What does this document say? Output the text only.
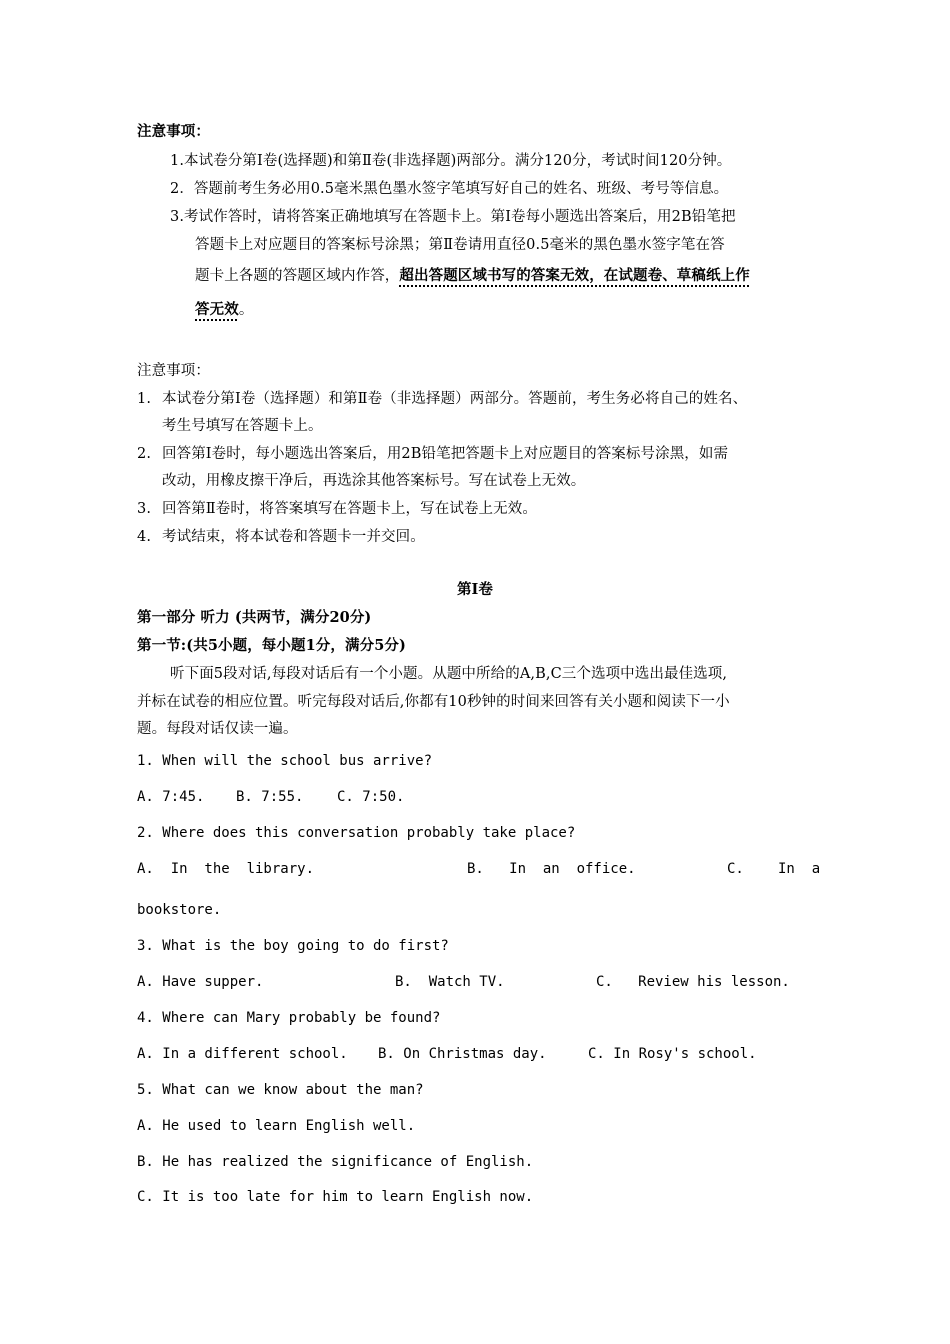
注意事项：
1.本试卷分第Ⅰ卷(选择题)和第Ⅱ卷(非选择题)两部分。满分120分，考试时间120分钟。
2．答题前考生务必用0.5毫米黑色墨水签字笔填写好自己的姓名、班级、考号等信息。
3.考试作答时，请将答案正确地填写在答题卡上。第Ⅰ卷每小题选出答案后，用2B铅笔把
答题卡上对应题目的答案标号涂黑；第Ⅱ卷请用直径0.5毫米的黑色墨水签字笔在答
题卡上各题的答题区域内作答，超出答题区域书写的答案无效，在试题卷、草稿纸上作
答无效。
注意事项：
1. 本试卷分第Ⅰ卷（选择题）和第Ⅱ卷（非选择题）两部分。答题前，考生务必将自己的姓名、
考生号填写在答题卡上。
2. 回答第Ⅰ卷时，每小题选出答案后，用2B铅笔把答题卡上对应题目的答案标号涂黑，如需
改动，用橡皮擦干净后，再选涂其他答案标号。写在试卷上无效。
3. 回答第Ⅱ卷时，将答案填写在答题卡上，写在试卷上无效。
4. 考试结束，将本试卷和答题卡一并交回。
第Ⅰ卷
第一部分 听力 (共两节，满分20分)
第一节:(共5小题，每小题1分，满分5分)
听下面5段对话,每段对话后有一个小题。从题中所给的A,B,C三个选项中选出最佳选项,
并标在试卷的相应位置。听完每段对话后,你都有10秒钟的时间来回答有关小题和阅读下一小
题。每段对话仅读一遍。
1. When will the school bus arrive?
A. 7:45. B. 7:55. C. 7:50.
2. Where does this conversation probably take place?
A.  In  the  library.	B.   In  an  office.	C. In  a
bookstore.
3. What is the boy going to do first?
A. Have supper.	B.  Watch TV.	C.   Review his lesson.
4. Where can Mary probably be found?
A. In a different school. B. On Christmas day.	C. In Rosy's school.
5. What can we know about the man?
A. He used to learn English well.
B. He has realized the significance of English.
C. It is too late for him to learn English now.
